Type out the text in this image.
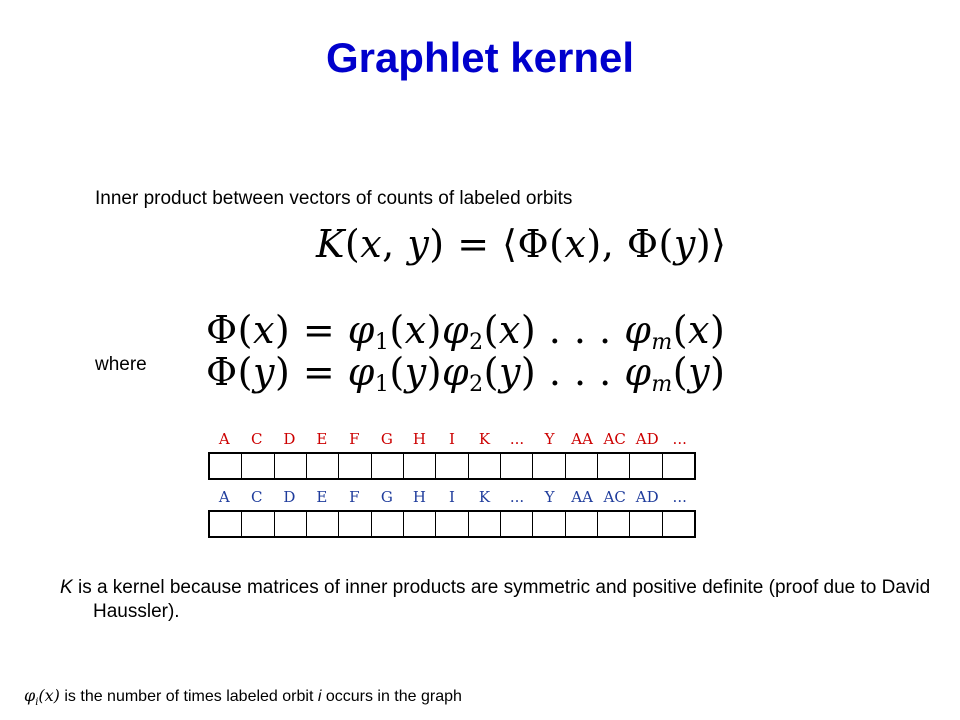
Graphlet kernel
Inner product between vectors of counts of labeled orbits
K(x, y) = ⟨Φ(x), Φ(y)⟩
$\Phi(x) = \varphi_1(x)\varphi_2(x)$ . . . $\varphi_m(x)$
where $\Phi(y) = \varphi_1(y)\varphi_2(y)$ . . . $\varphi_m(y)$
A	C	D	E	F	G	H	I	K	...	Y	AA AC AD ...
A	C	D	E	F	G	H	I	K	...	Y	AA AC AD ...
K is a kernel because matrices of inner products are symmetric and positive definite (proof due to David Haussler).
$\varphi_i(x)$ is the number of times labeled orbit i occurs in the graph
